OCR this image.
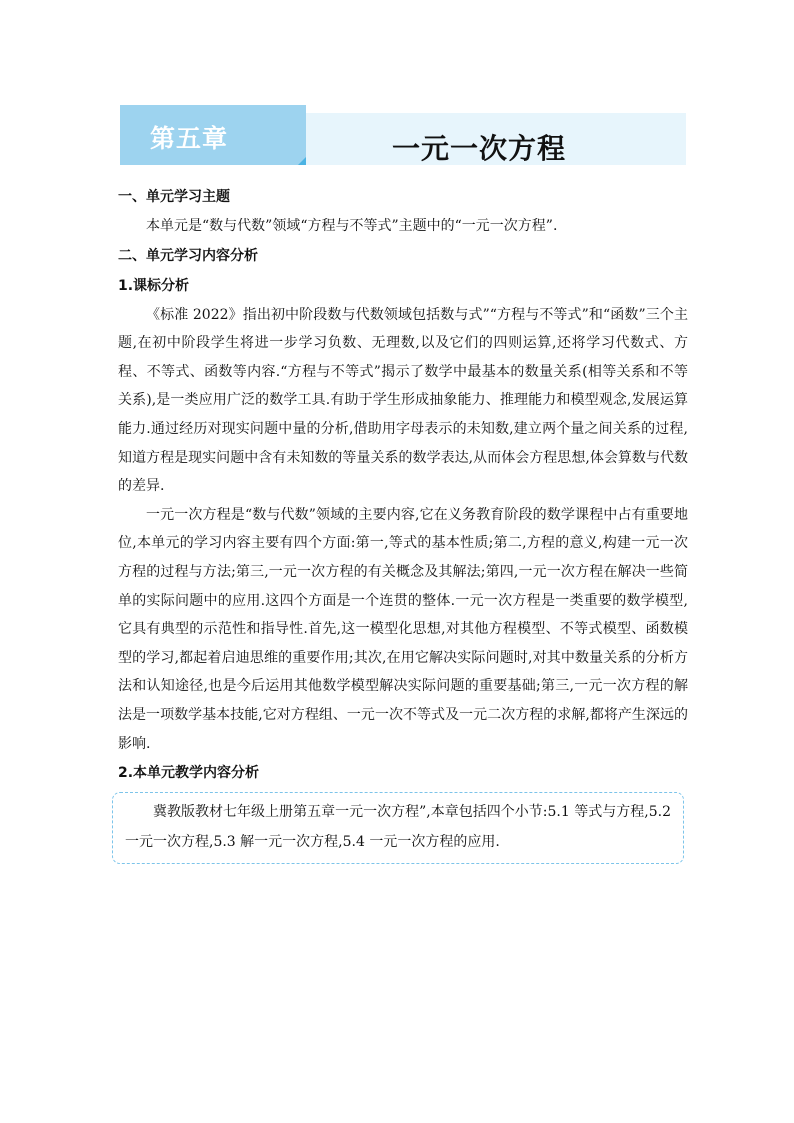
第五章	一元一次方程

一、单元学习主题

本单元是“数与代数”领域“方程与不等式”主题中的“一元一次方程”.

二、单元学习内容分析

1.课标分析

《标准 2022》指出初中阶段数与代数领域包括数与式”“方程与不等式”和“函数”三个主题,在初中阶段学生将进一步学习负数、无理数,以及它们的四则运算,还将学习代数式、方程、不等式、函数等内容.“方程与不等式”揭示了数学中最基本的数量关系(相等关系和不等关系),是一类应用广泛的数学工具.有助于学生形成抽象能力、推理能力和模型观念,发展运算能力.通过经历对现实问题中量的分析,借助用字母表示的未知数,建立两个量之间关系的过程,知道方程是现实问题中含有未知数的等量关系的数学表达,从而体会方程思想,体会算数与代数的差异.

一元一次方程是“数与代数”领域的主要内容,它在义务教育阶段的数学课程中占有重要地位,本单元的学习内容主要有四个方面:第一,等式的基本性质;第二,方程的意义,构建一元一次方程的过程与方法;第三,一元一次方程的有关概念及其解法;第四,一元一次方程在解决一些简单的实际问题中的应用.这四个方面是一个连贯的整体.一元一次方程是一类重要的数学模型,它具有典型的示范性和指导性.首先,这一模型化思想,对其他方程模型、不等式模型、函数模型的学习,都起着启迪思维的重要作用;其次,在用它解决实际问题时,对其中数量关系的分析方法和认知途径,也是今后运用其他数学模型解决实际问题的重要基础;第三,一元一次方程的解法是一项数学基本技能,它对方程组、一元一次不等式及一元二次方程的求解,都将产生深远的影响.

2.本单元教学内容分析

冀教版教材七年级上册第五章一元一次方程”,本章包括四个小节:5.1 等式与方程,5.2 一元一次方程,5.3 解一元一次方程,5.4 一元一次方程的应用.
